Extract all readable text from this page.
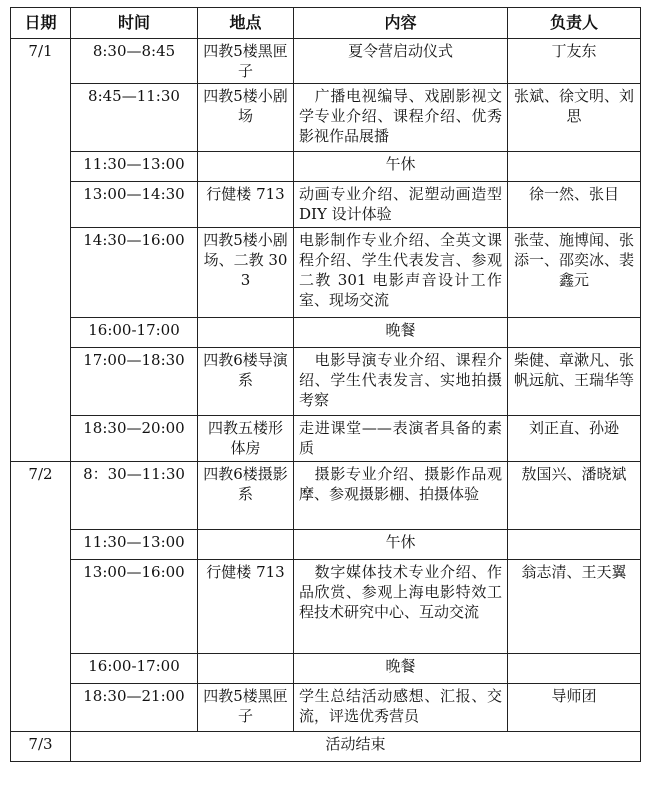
日期	时间	地点	内容	负责人
7/1	8:30—8:45	四教5楼黑匣子	夏令营启动仪式	丁友东
	8:45—11:30	四教5楼小剧场	　广播电视编导、戏剧影视文学专业介绍、课程介绍、优秀影视作品展播	张斌、徐文明、刘思
	11:30—13:00		午休	
	13:00—14:30	行健楼 713	动画专业介绍、泥塑动画造型 DIY 设计体验	徐一然、张目
	14:30—16:00	四教5楼小剧场、二教 303	电影制作专业介绍、全英文课程介绍、学生代表发言、参观二教 301 电影声音设计工作室、现场交流	张莹、施博闻、张添一、邵奕冰、裴鑫元
	16:00-17:00		晚餐	
	17:00—18:30	四教6楼导演系	　电影导演专业介绍、课程介绍、学生代表发言、实地拍摄考察	柴健、章漱凡、张帆远航、王瑞华等
	18:30—20:00	四教五楼形体房	走进课堂——表演者具备的素质	刘正直、孙逊
7/2	8：30—11:30	四教6楼摄影系	　摄影专业介绍、摄影作品观摩、参观摄影棚、拍摄体验	敖国兴、潘晓斌
	11:30—13:00		午休	
	13:00—16:00	行健楼 713	　数字媒体技术专业介绍、作品欣赏、参观上海电影特效工程技术研究中心、互动交流	翁志清、王天翼
	16:00-17:00		晚餐	
	18:30—21:00	四教5楼黑匣子	学生总结活动感想、汇报、交流，评选优秀营员	导师团
7/3	活动结束			
